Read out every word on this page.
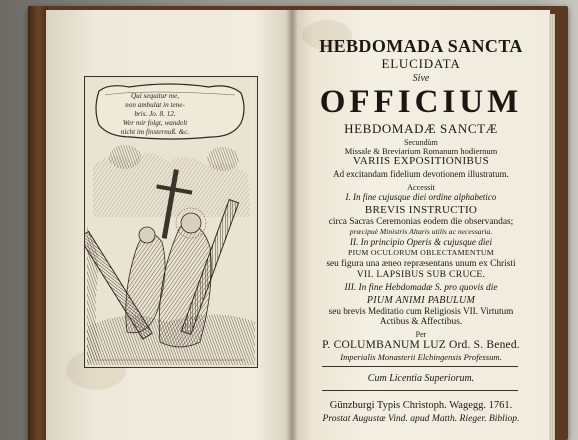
Qui sequitur me,
non ambulat in tene-
bris. Jo. 8. 12.
Wer mir folgt, wandelt
nicht im finsternuß. &c.
HEBDOMADA SANCTA
ELUCIDATA
Sive
OFFICIUM
HEBDOMADÆ SANCTÆ
Secundùm
Missale & Breviarium Romanum hodiernum
VARIIS EXPOSITIONIBUS
Ad excitandam fidelium devotionem illustratum.
Accessit
I. In fine cujusque diei ordine alphabetico
BREVIS INSTRUCTIO
circa Sacras Ceremonias eodem die observandas;
præcipuè Ministris Altaris utilis ac necessaria.
II. In principio Operis & cujusque diei
PIUM OCULORUM OBLECTAMENTUM
seu figura una æneo repræsentans unum ex Christi
VII. LAPSIBUS SUB CRUCE.
III. In fine Hebdomadæ S. pro quovis die
PIUM ANIMI PABULUM
seu brevis Meditatio cum Religiosis VII. Virtutum
Actibus & Affectibus.
Per
P. COLUMBANUM LUZ Ord. S. Bened.
Imperialis Monasterii Elchingensis Professum.
Cum Licentia Superiorum.
Günzburgi Typis Christoph. Wagegg. 1761.
Prostat Augustæ Vind. apud Matth. Rieger. Bibliop.
